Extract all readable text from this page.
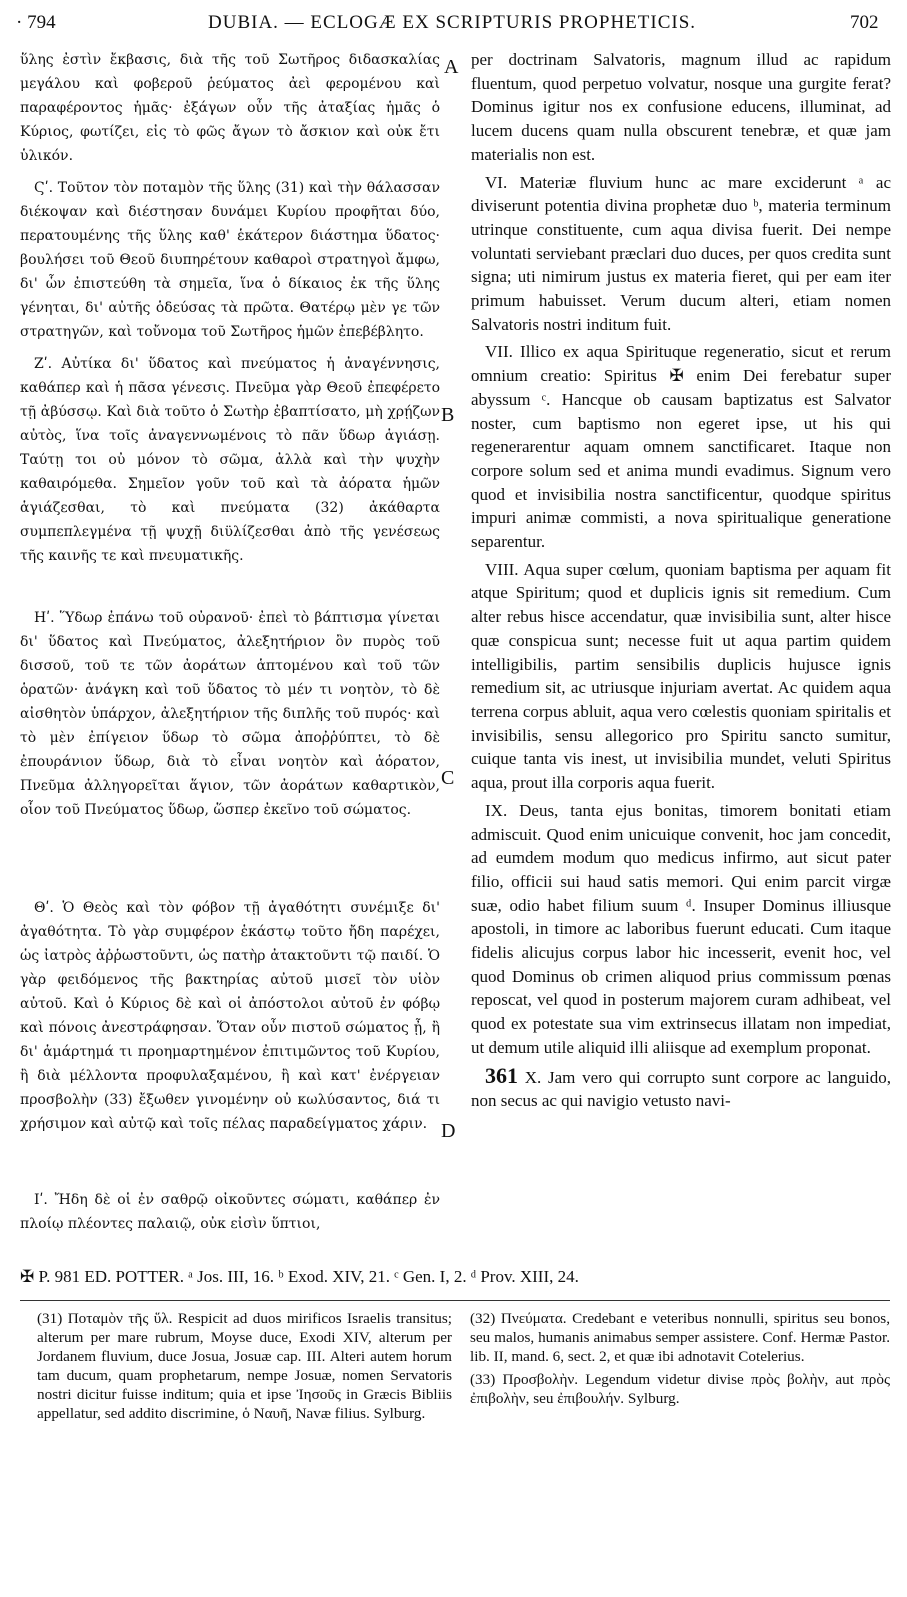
· 794	DUBIA. — ECLOGÆ EX SCRIPTURIS PROPHETICIS.	702

ὕλης ἐστὶν ἔκβασις, διὰ τῆς τοῦ Σωτῆρος διδασκαλίας μεγάλου καὶ φοβεροῦ ῥεύματος ἀεὶ φερομένου καὶ παραφέροντος ἡμᾶς· ἐξάγων οὖν τῆς ἀταξίας ἡμᾶς ὁ Κύριος, φωτίζει, εἰς τὸ φῶς ἄγων τὸ ἄσκιον καὶ οὐκ ἔτι ὑλικόν.

Ϛʹ. Τοῦτον τὸν ποταμὸν τῆς ὕλης (31) καὶ τὴν θάλασσαν διέκοψαν καὶ διέστησαν δυνάμει Κυρίου προφῆται δύο, περατουμένης τῆς ὕλης καθ' ἑκάτερον διάστημα ὕδατος· βουλήσει τοῦ Θεοῦ διυπηρέτουν καθαροὶ στρατηγοὶ ἄμφω, δι' ὧν ἐπιστεύθη τὰ σημεῖα, ἵνα ὁ δίκαιος ἐκ τῆς ὕλης γένηται, δι' αὐτῆς ὁδεύσας τὰ πρῶτα. Θατέρῳ μὲν γε τῶν στρατηγῶν, καὶ τοὔνομα τοῦ Σωτῆρος ἡμῶν ἐπεβέβλητο.

Ζʹ. Αὐτίκα δι' ὕδατος καὶ πνεύματος ἡ ἀναγέννησις, καθάπερ καὶ ἡ πᾶσα γένεσις. Πνεῦμα γὰρ Θεοῦ ἐπεφέρετο τῇ ἀβύσσῳ. Καὶ διὰ τοῦτο ὁ Σωτὴρ ἐβαπτίσατο, μὴ χρῄζων αὐτὸς, ἵνα τοῖς ἀναγεννωμένοις τὸ πᾶν ὕδωρ ἁγιάσῃ. Ταύτῃ τοι οὐ μόνον τὸ σῶμα, ἀλλὰ καὶ τὴν ψυχὴν καθαιρόμεθα. Σημεῖον γοῦν τοῦ καὶ τὰ ἀόρατα ἡμῶν ἁγιάζεσθαι, τὸ καὶ πνεύματα (32) ἀκάθαρτα συμπεπλεγμένα τῇ ψυχῇ διϋλίζεσθαι ἀπὸ τῆς γενέσεως τῆς καινῆς τε καὶ πνευματικῆς.

Ηʹ. Ὕδωρ ἐπάνω τοῦ οὐρανοῦ· ἐπεὶ τὸ βάπτισμα γίνεται δι' ὕδατος καὶ Πνεύματος, ἀλεξητήριον ὂν πυρὸς τοῦ δισσοῦ, τοῦ τε τῶν ἀοράτων ἁπτομένου καὶ τοῦ τῶν ὁρατῶν· ἀνάγκη καὶ τοῦ ὕδατος τὸ μέν τι νοητὸν, τὸ δὲ αἰσθητὸν ὑπάρχον, ἀλεξητήριον τῆς διπλῆς τοῦ πυρός· καὶ τὸ μὲν ἐπίγειον ὕδωρ τὸ σῶμα ἀποῤῥύπτει, τὸ δὲ ἐπουράνιον ὕδωρ, διὰ τὸ εἶναι νοητὸν καὶ ἀόρατον, Πνεῦμα ἀλληγορεῖται ἅγιον, τῶν ἀοράτων καθαρτικὸν, οἷον τοῦ Πνεύματος ὕδωρ, ὥσπερ ἐκεῖνο τοῦ σώματος.

Θʹ. Ὁ Θεὸς καὶ τὸν φόβον τῇ ἀγαθότητι συνέμιξε δι' ἀγαθότητα. Τὸ γὰρ συμφέρον ἑκάστῳ τοῦτο ἤδη παρέχει, ὡς ἰατρὸς ἀῤῥωστοῦντι, ὡς πατὴρ ἀτακτοῦντι τῷ παιδί. Ὁ γὰρ φειδόμενος τῆς βακτηρίας αὐτοῦ μισεῖ τὸν υἱὸν αὐτοῦ. Καὶ ὁ Κύριος δὲ καὶ οἱ ἀπόστολοι αὐτοῦ ἐν φόβῳ καὶ πόνοις ἀνεστράφησαν. Ὅταν οὖν πιστοῦ σώματος ᾖ, ἢ δι' ἁμάρτημά τι προημαρτημένον ἐπιτιμῶντος τοῦ Κυρίου, ἢ διὰ μέλλοντα προφυλαξαμένου, ἢ καὶ κατ' ἐνέργειαν προσβολὴν (33) ἔξωθεν γινομένην οὐ κωλύσαντος, διά τι χρήσιμον καὶ αὐτῷ καὶ τοῖς πέλας παραδείγματος χάριν.

Ιʹ. Ἤδη δὲ οἱ ἐν σαθρῷ οἰκοῦντες σώματι, καθάπερ ἐν πλοίῳ πλέοντες παλαιῷ, οὐκ εἰσὶν ὕπτιοι,

A
B
C
D

per doctrinam Salvatoris, magnum illud ac rapidum fluentum, quod perpetuo volvatur, nosque una gurgite ferat? Dominus igitur nos ex confusione educens, illuminat, ad lucem ducens quam nulla obscurent tenebræ, et quæ jam materialis non est.

VI. Materiæ fluvium hunc ac mare exciderunt ᵃ ac diviserunt potentia divina prophetæ duo ᵇ, materia terminum utrinque constituente, cum aqua divisa fuerit. Dei nempe voluntati serviebant præclari duo duces, per quos credita sunt signa; uti nimirum justus ex materia fieret, qui per eam iter primum habuisset. Verum ducum alteri, etiam nomen Salvatoris nostri inditum fuit.

VII. Illico ex aqua Spirituque regeneratio, sicut et rerum omnium creatio: Spiritus ✠ enim Dei ferebatur super abyssum ᶜ. Hancque ob causam baptizatus est Salvator noster, cum baptismo non egeret ipse, ut his qui regenerarentur aquam omnem sanctificaret. Itaque non corpore solum sed et anima mundi evadimus. Signum vero quod et invisibilia nostra sanctificentur, quodque spiritus impuri animæ commisti, a nova spiritualique generatione separentur.

VIII. Aqua super cœlum, quoniam baptisma per aquam fit atque Spiritum; quod et duplicis ignis sit remedium. Cum alter rebus hisce accendatur, quæ invisibilia sunt, alter hisce quæ conspicua sunt; necesse fuit ut aqua partim quidem intelligibilis, partim sensibilis duplicis hujusce ignis remedium sit, ac utriusque injuriam avertat. Ac quidem aqua terrena corpus abluit, aqua vero cœlestis quoniam spiritalis et invisibilis, sensu allegorico pro Spiritu sancto sumitur, cuique tanta vis inest, ut invisibilia mundet, veluti Spiritus aqua, prout illa corporis aqua fuerit.

IX. Deus, tanta ejus bonitas, timorem bonitati etiam admiscuit. Quod enim unicuique convenit, hoc jam concedit, ad eumdem modum quo medicus infirmo, aut sicut pater filio, officii sui haud satis memori. Qui enim parcit virgæ suæ, odio habet filium suum ᵈ. Insuper Dominus illiusque apostoli, in timore ac laboribus fuerunt educati. Cum itaque fidelis alicujus corpus labor hic incesserit, evenit hoc, vel quod Dominus ob crimen aliquod prius commissum pœnas reposcat, vel quod in posterum majorem curam adhibeat, vel quod ex potestate sua vim extrinsecus illatam non impediat, ut demum utile aliquid illi aliisque ad exemplum proponat.

361 X. Jam vero qui corrupto sunt corpore ac languido, non secus ac qui navigio vetusto navi-

✠ P. 981 ED. POTTER. ᵃ Jos. III, 16. ᵇ Exod. XIV, 21. ᶜ Gen. I, 2. ᵈ Prov. XIII, 24.

(31) Ποταμὸν τῆς ὕλ. Respicit ad duos mirificos Israelis transitus; alterum per mare rubrum, Moyse duce, Exodi XIV, alterum per Jordanem fluvium, duce Josua, Josuæ cap. III. Alteri autem horum tam ducum, quam prophetarum, nempe Josuæ, nomen Servatoris nostri dicitur fuisse inditum; quia et ipse Ἰησοῦς in Græcis Bibliis appellatur, sed addito discrimine, ὁ Ναυῆ, Navæ filius. Sylburg.

(32) Πνεύματα. Credebant e veteribus nonnulli, spiritus seu bonos, seu malos, humanis animabus semper assistere. Conf. Hermæ Pastor. lib. II, mand. 6, sect. 2, et quæ ibi adnotavit Cotelerius.

(33) Προσβολὴν. Legendum videtur divise πρὸς βολὴν, aut πρὸς ἐπιβολὴν, seu ἐπιβουλήν. Sylburg.
